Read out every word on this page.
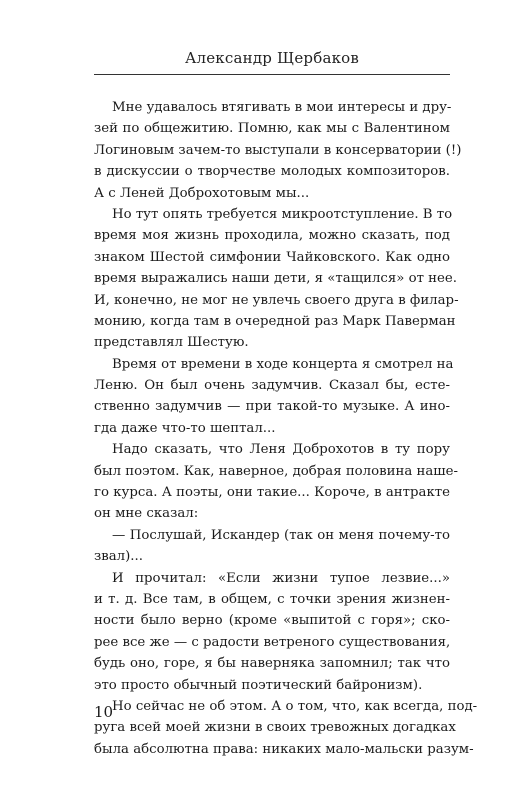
Александр Щербаков
Мне удавалось втягивать в мои интересы и дру-
зей по общежитию. Помню, как мы с Валентином
Логиновым зачем-то выступали в консерватории (!)
в дискуссии о творчестве молодых композиторов.
А с Леней Доброхотовым мы...
Но тут опять требуется микроотступление. В то
время моя жизнь проходила, можно сказать, под
знаком Шестой симфонии Чайковского. Как одно
время выражались наши дети, я «тащился» от нее.
И, конечно, не мог не увлечь своего друга в филар-
монию, когда там в очередной раз Марк Паверман
представлял Шестую.
Время от времени в ходе концерта я смотрел на
Леню. Он был очень задумчив. Сказал бы, есте-
ственно задумчив — при такой-то музыке. А ино-
гда даже что-то шептал...
Надо сказать, что Леня Доброхотов в ту пору
был поэтом. Как, наверное, добрая половина наше-
го курса. А поэты, они такие... Короче, в антракте
он мне сказал:
— Послушай, Искандер (так он меня почему-то
звал)...
И прочитал: «Если жизни тупое лезвие...»
и т. д. Все там, в общем, с точки зрения жизнен-
ности было верно (кроме «выпитой с горя»; ско-
рее все же — с радости ветреного существования,
будь оно, горе, я бы наверняка запомнил; так что
это просто обычный поэтический байронизм).
Но сейчас не об этом. А о том, что, как всегда, под-
руга всей моей жизни в своих тревожных догадках
была абсолютна права: никаких мало-мальски разум-
10
